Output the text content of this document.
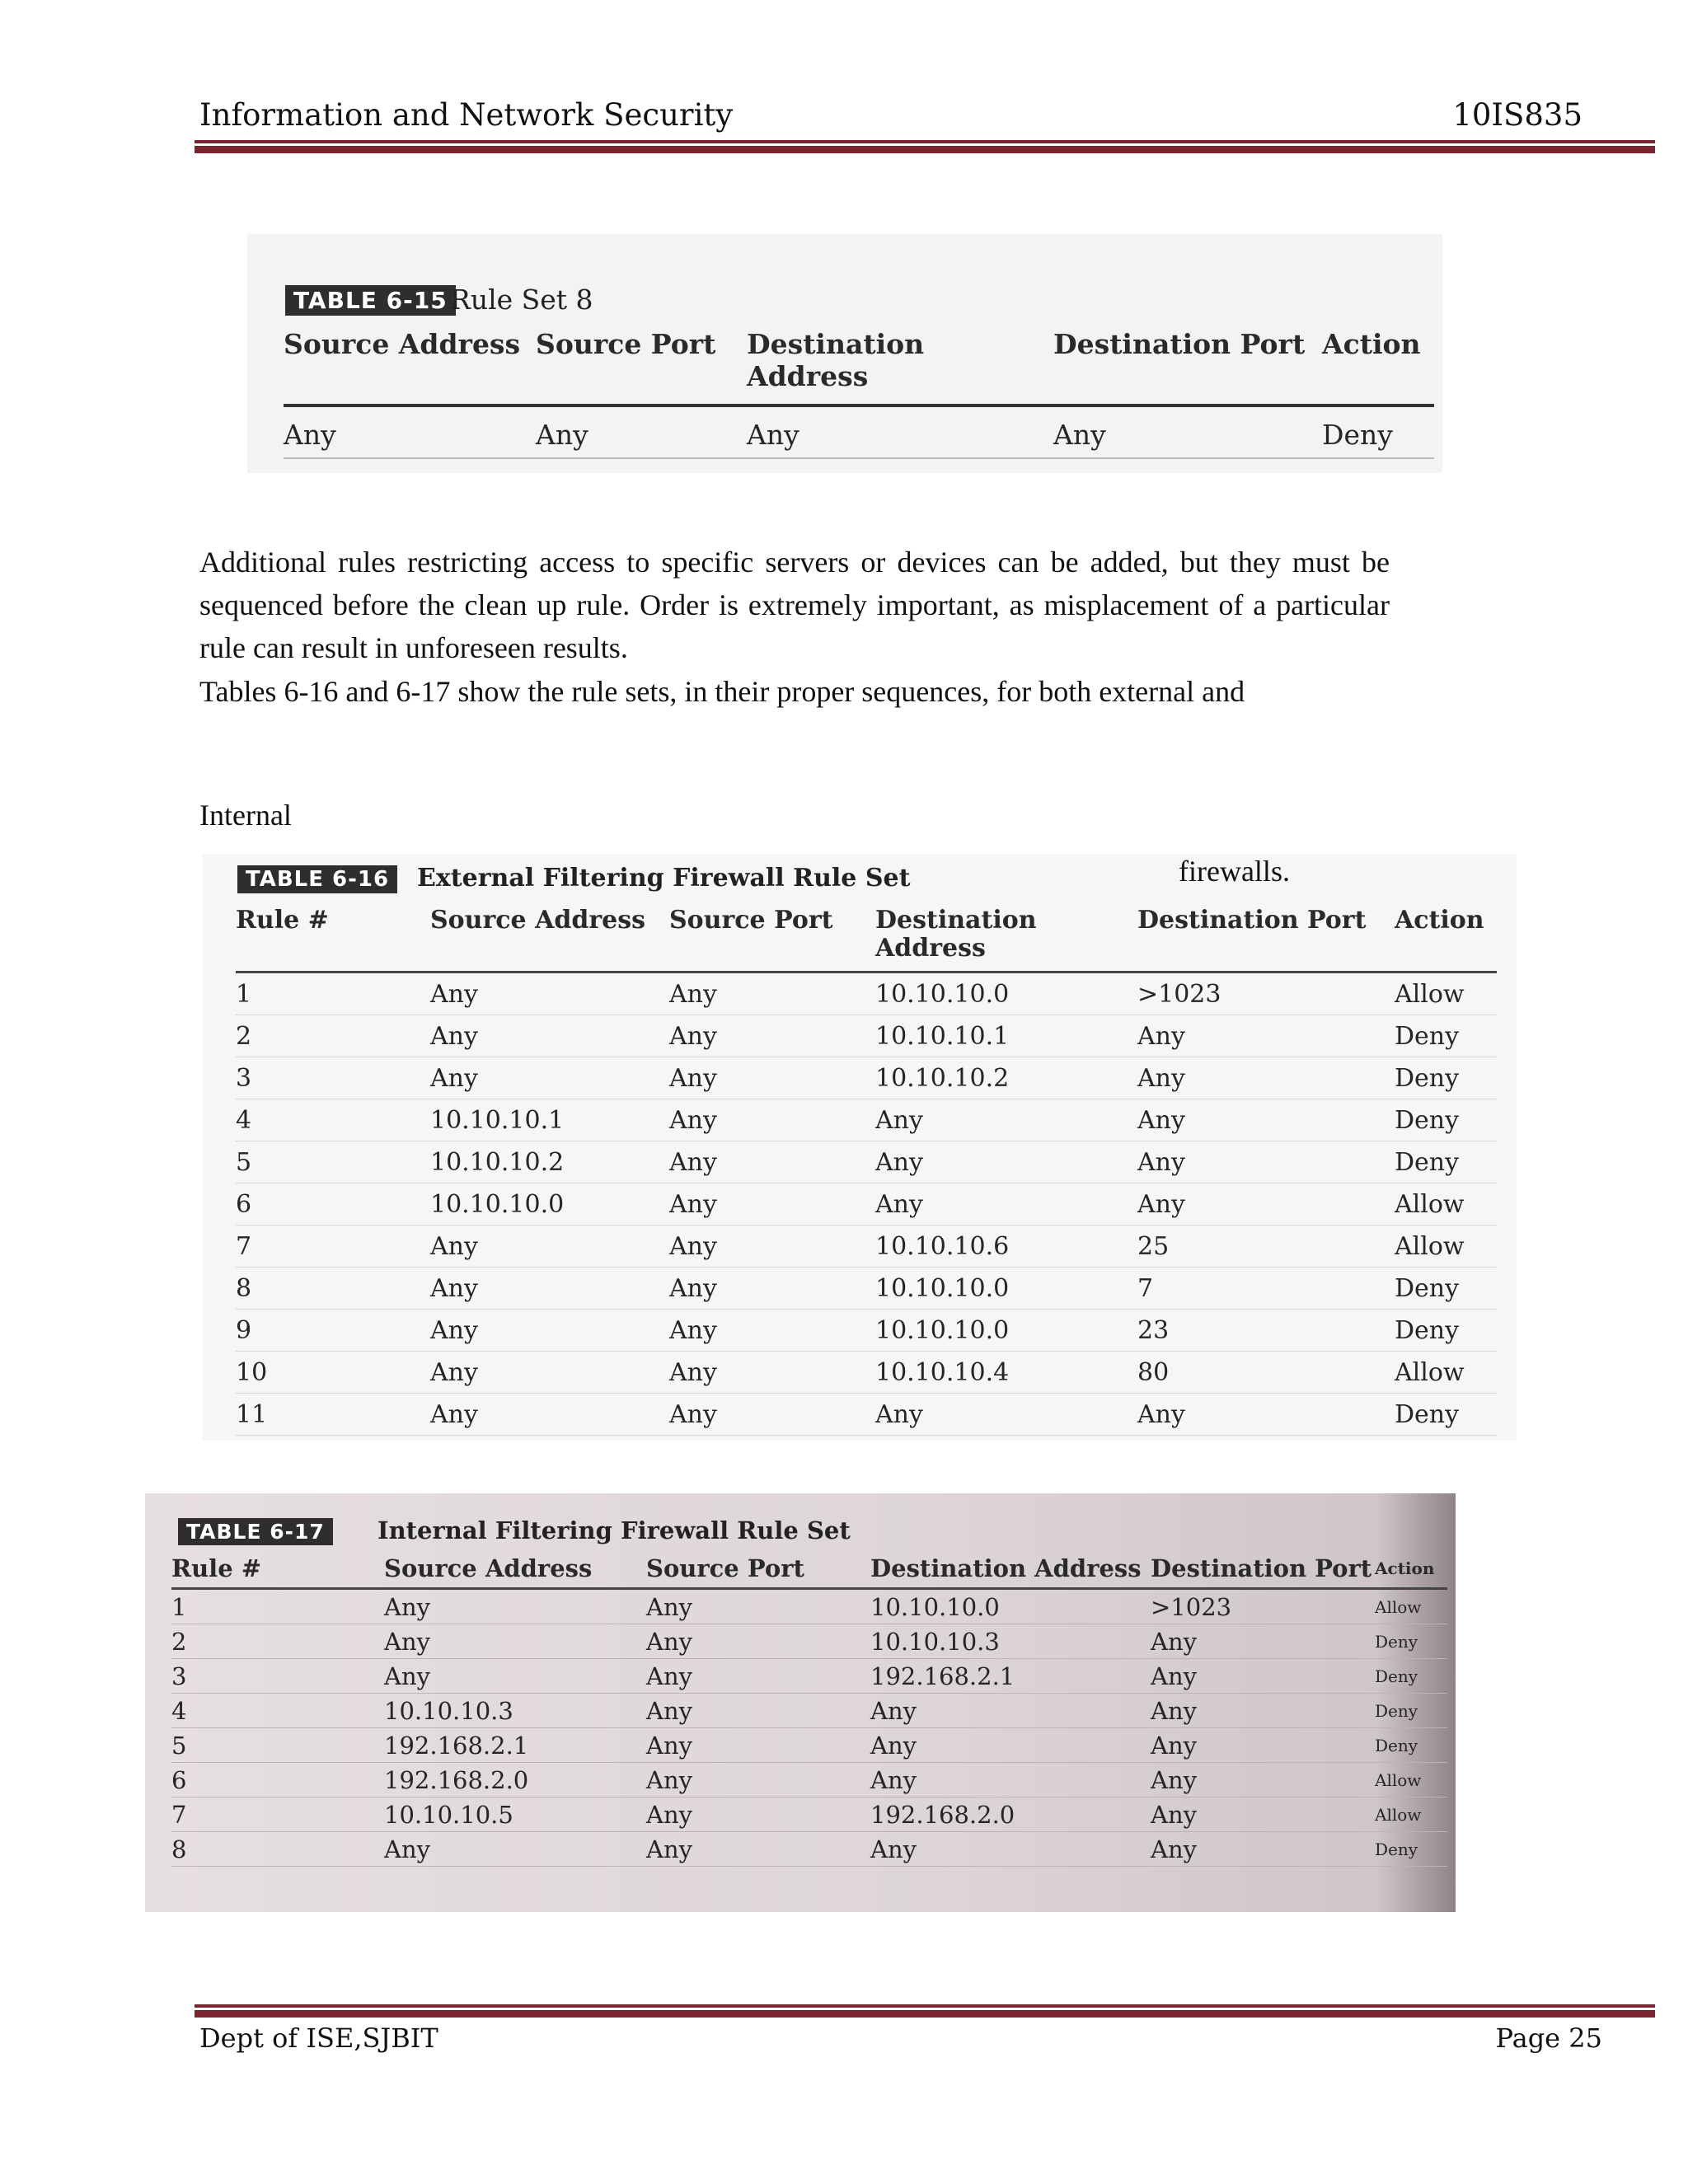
Information and Network Security	10IS835
TABLE 6-15 Rule Set 8
Source Address	Source Port	Destination Address	Destination Port	Action
Any	Any	Any	Any	Deny
Additional rules restricting access to specific servers or devices can be added, but they must be sequenced before the clean up rule. Order is extremely important, as misplacement of a particular rule can result in unforeseen results.
Tables 6-16 and 6-17 show the rule sets, in their proper sequences, for both external and
Internal
TABLE 6-16	External Filtering Firewall Rule Set	firewalls.
Rule #	Source Address	Source Port	Destination Address	Destination Port	Action
1	Any	Any	10.10.10.0	>1023	Allow
2	Any	Any	10.10.10.1	Any	Deny
3	Any	Any	10.10.10.2	Any	Deny
4	10.10.10.1	Any	Any	Any	Deny
5	10.10.10.2	Any	Any	Any	Deny
6	10.10.10.0	Any	Any	Any	Allow
7	Any	Any	10.10.10.6	25	Allow
8	Any	Any	10.10.10.0	7	Deny
9	Any	Any	10.10.10.0	23	Deny
10	Any	Any	10.10.10.4	80	Allow
11	Any	Any	Any	Any	Deny
TABLE 6-17	Internal Filtering Firewall Rule Set
Rule #	Source Address	Source Port	Destination Address	Destination Port	Action
1	Any	Any	10.10.10.0	>1023	Allow
2	Any	Any	10.10.10.3	Any	Deny
3	Any	Any	192.168.2.1	Any	Deny
4	10.10.10.3	Any	Any	Any	Deny
5	192.168.2.1	Any	Any	Any	Deny
6	192.168.2.0	Any	Any	Any	Allow
7	10.10.10.5	Any	192.168.2.0	Any	Allow
8	Any	Any	Any	Any	Deny
Dept of ISE,SJBIT	Page 25
